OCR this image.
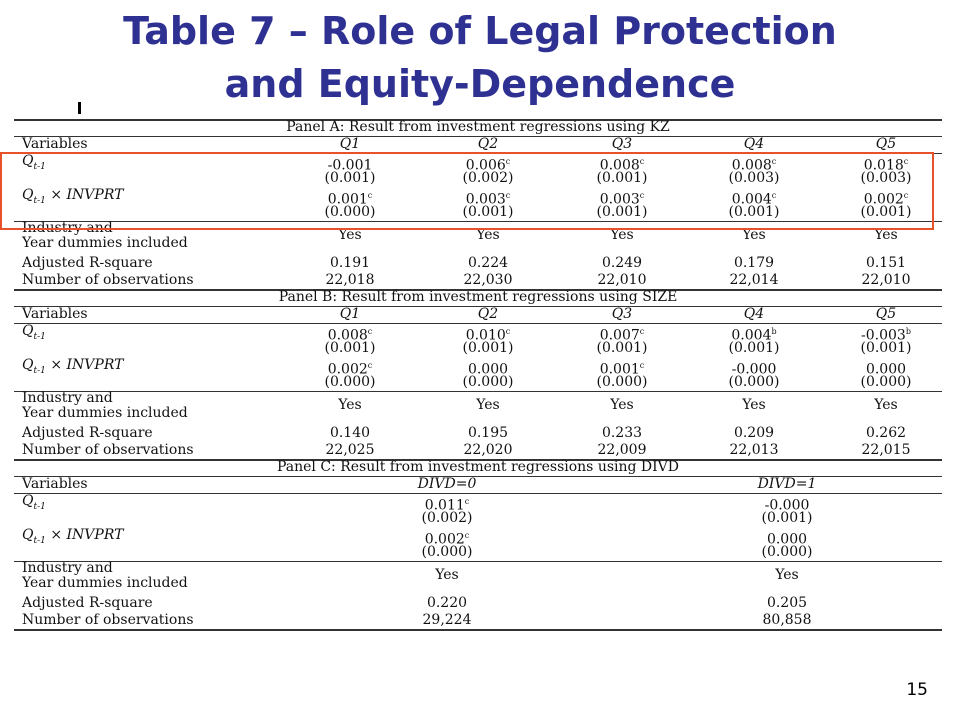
Table 7 – Role of Legal Protection
and Equity-Dependence
Panel A: Result from investment regressions using KZ
Variables	Q1	Q2	Q3	Q4	Q5
$Q_{t-1}$	-0.001	0.006$^c$	0.008$^c$	0.008$^c$	0.018$^c$
(0.001)	(0.002)	(0.001)	(0.003)	(0.003)
$Q_{t-1}$ × INVPRT	0.001$^c$	0.003$^c$	0.003$^c$	0.004$^c$	0.002$^c$
(0.000)	(0.001)	(0.001)	(0.001)	(0.001)
Industry and
Year dummies included	Yes	Yes	Yes	Yes	Yes
Adjusted R-square	0.191	0.224	0.249	0.179	0.151
Number of observations	22,018	22,030	22,010	22,014	22,010
Panel B: Result from investment regressions using SIZE
Variables	Q1	Q2	Q3	Q4	Q5
$Q_{t-1}$	0.008$^c$	0.010$^c$	0.007$^c$	0.004$^b$	-0.003$^b$
(0.001)	(0.001)	(0.001)	(0.001)	(0.001)
$Q_{t-1}$ × INVPRT	0.002$^c$	0.000	0.001$^c$	-0.000	0.000
(0.000)	(0.000)	(0.000)	(0.000)	(0.000)
Industry and
Year dummies included	Yes	Yes	Yes	Yes	Yes
Adjusted R-square	0.140	0.195	0.233	0.209	0.262
Number of observations	22,025	22,020	22,009	22,013	22,015
Panel C: Result from investment regressions using DIVD
Variables	DIVD=0	DIVD=1
$Q_{t-1}$	0.011$^c$	-0.000
(0.002)	(0.001)
$Q_{t-1}$ × INVPRT	0.002$^c$	0.000
(0.000)	(0.000)
Industry and
Year dummies included	Yes	Yes
Adjusted R-square	0.220	0.205
Number of observations	29,224	80,858
15
